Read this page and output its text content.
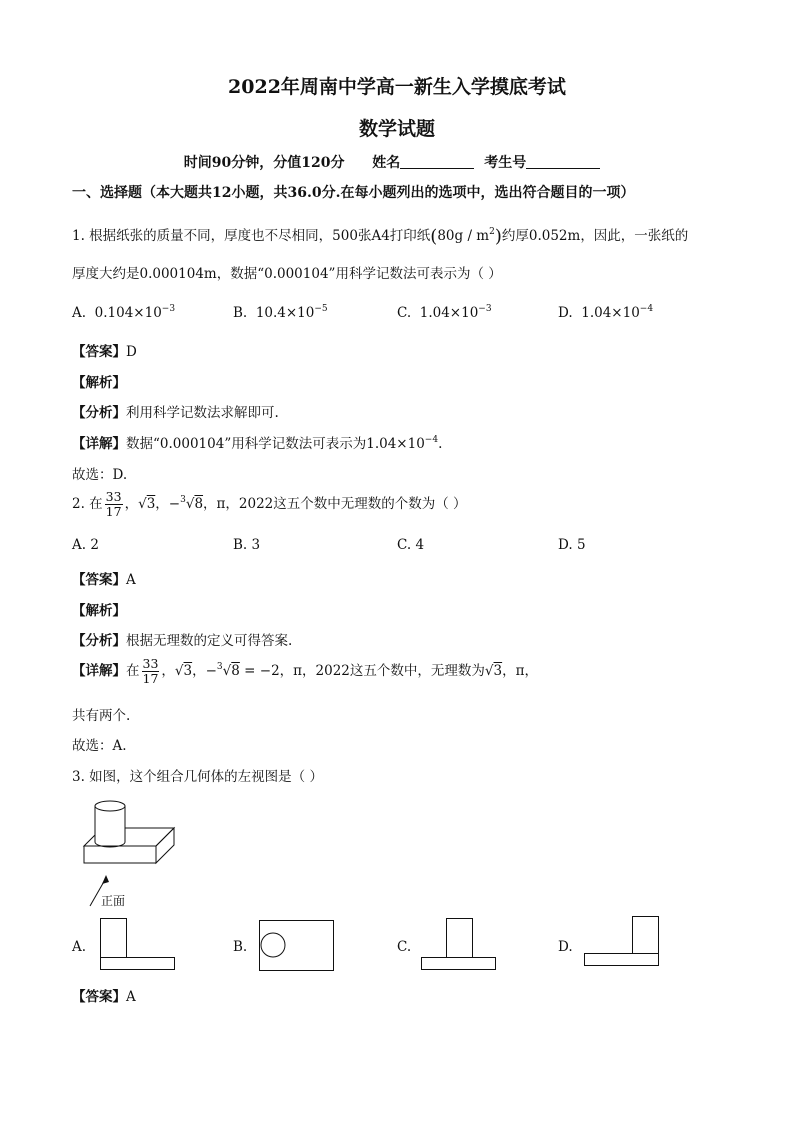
2022年周南中学高一新生入学摸底考试
数学试题
时间90分钟，分值120分 姓名	考生号
一、选择题（本大题共12小题，共36.0分.在每小题列出的选项中，选出符合题目的一项）
1. 根据纸张的质量不同，厚度也不尽相同，500张A4打印纸$(80g / m^2)$约厚0.052m，因此，一张纸的
厚度大约是0.000104m，数据“0.000104”用科学记数法可表示为（ ）
A. $0.104\times 10^{-3}$	B. $10.4\times 10^{-5}$	C. $1.04\times 10^{-3}$	D. $1.04\times 10^{-4}$
【答案】D
【解析】
【分析】利用科学记数法求解即可.
【详解】数据“0.000104”用科学记数法可表示为$1.04\times 10^{-4}$.
故选：D.
2. 在 $\frac{33}{17}$ ，√3，−$^3$√8，π，2022这五个数中无理数的个数为（ ）
A. 2	B. 3	C. 4	D. 5
【答案】A
【解析】
【分析】根据无理数的定义可得答案.
【详解】在 $\frac{33}{17}$ ，√3，−$^3$√8 = −2，π，2022这五个数中，无理数为√3，π，
共有两个.
故选：A.
3. 如图，这个组合几何体的左视图是（ ）
正面
A.	B.	C.	D.
【答案】A
